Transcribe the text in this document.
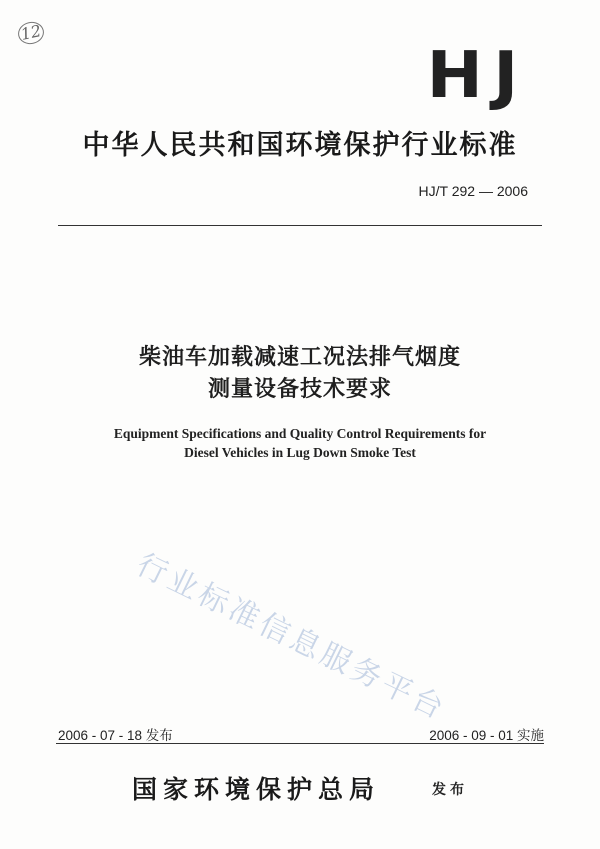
12
HJ
中华人民共和国环境保护行业标准
HJ/T 292 — 2006
柴油车加载减速工况法排气烟度
测量设备技术要求
Equipment Specifications and Quality Control Requirements for
Diesel Vehicles in Lug Down Smoke Test
行业标准信息服务平台
2006 - 07 - 18 发布	2006 - 09 - 01 实施
国家环境保护总局	发布
